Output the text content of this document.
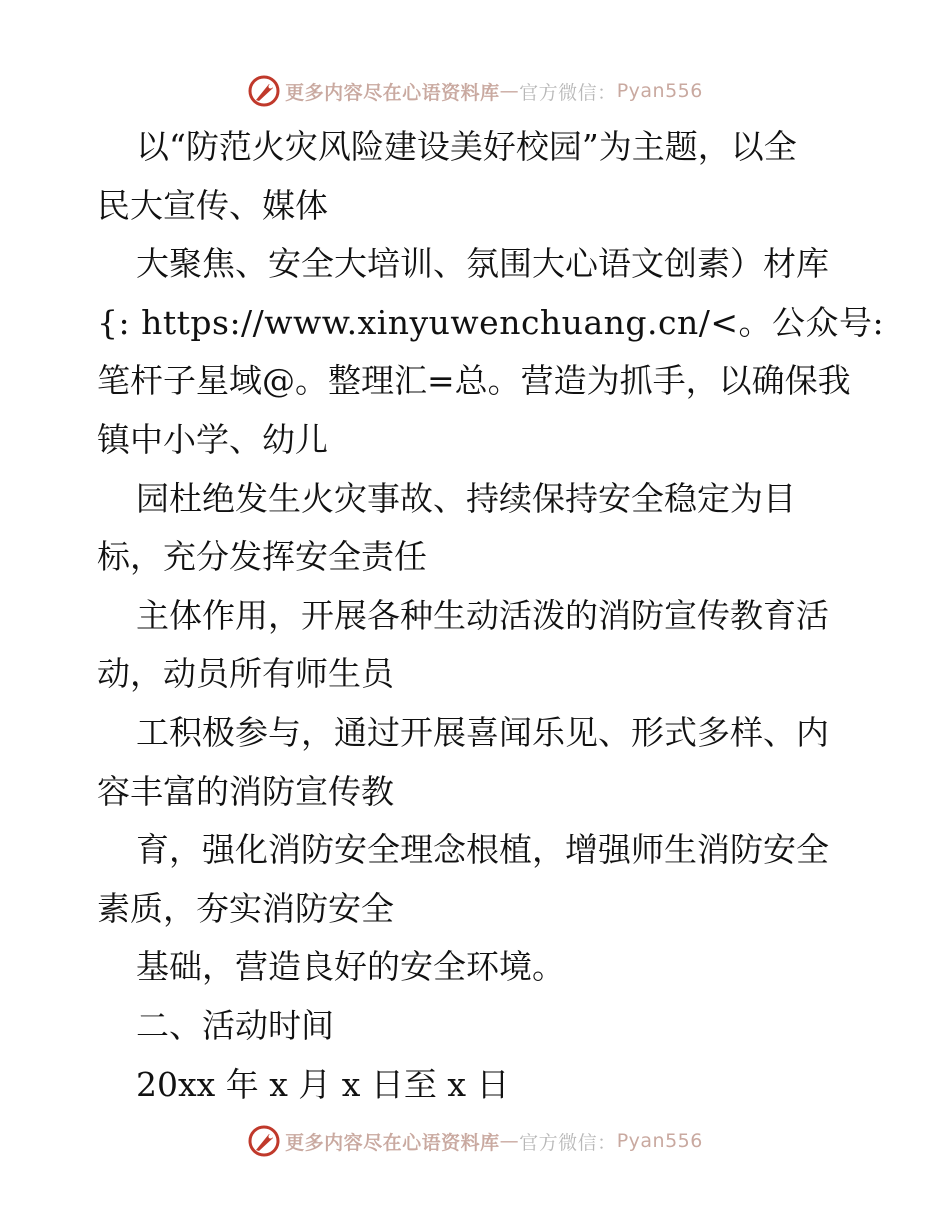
更多内容尽在心语资料库 — 官方微信： Pyan556
以“防范火灾风险建设美好校园”为主题，以全
民大宣传、媒体
大聚焦、安全大培训、氛围大心语文创素）材库
{: https://www.xinyuwenchuang.cn/<。公众号:
笔杆子星域@。整理汇=总。营造为抓手，以确保我
镇中小学、幼儿
园杜绝发生火灾事故、持续保持安全稳定为目
标，充分发挥安全责任
主体作用，开展各种生动活泼的消防宣传教育活
动，动员所有师生员
工积极参与，通过开展喜闻乐见、形式多样、内
容丰富的消防宣传教
育，强化消防安全理念根植，增强师生消防安全
素质，夯实消防安全
基础，营造良好的安全环境。
二、活动时间
20xx 年 x 月 x 日至 x 日
更多内容尽在心语资料库 — 官方微信： Pyan556
